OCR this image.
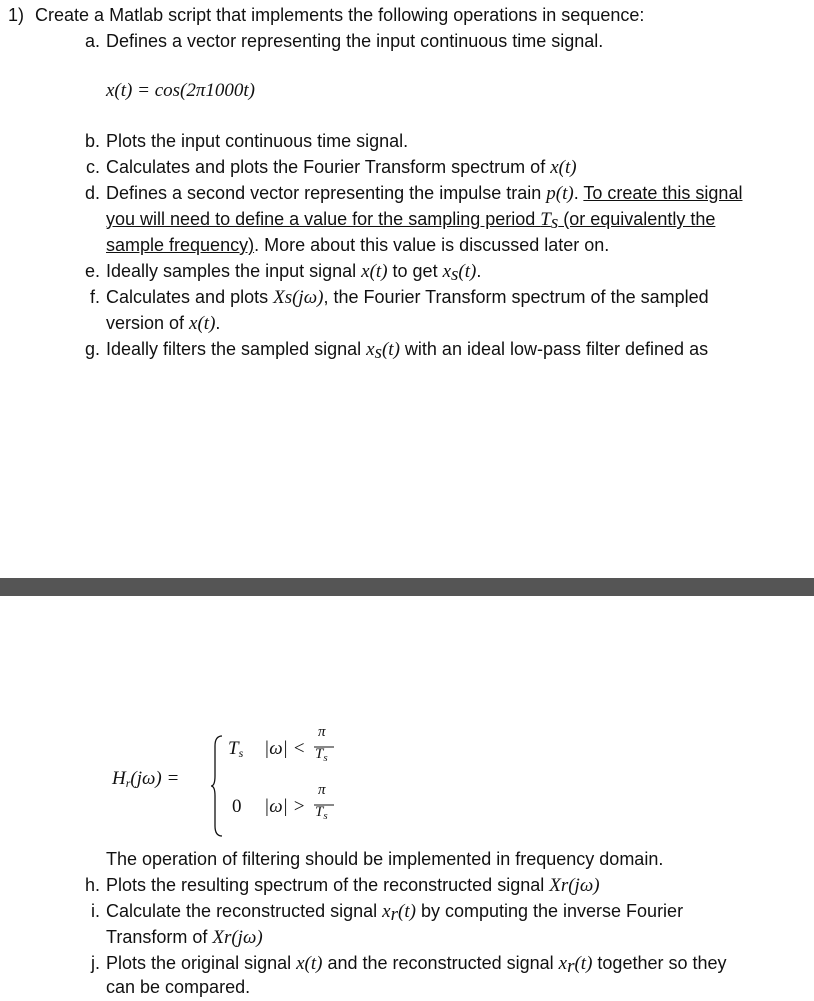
1) Create a Matlab script that implements the following operations in sequence:
a. Defines a vector representing the input continuous time signal.
x(t) = cos(2π1000t)
b. Plots the input continuous time signal.
c. Calculates and plots the Fourier Transform spectrum of x(t)
d. Defines a second vector representing the impulse train p(t). To create this signal
you will need to define a value for the sampling period $T_s$ (or equivalently the
sample frequency). More about this value is discussed later on.
e. Ideally samples the input signal x(t) to get $x_s(t)$.
f. Calculates and plots Xs(jω), the Fourier Transform spectrum of the sampled
version of x(t).
g. Ideally filters the sampled signal $x_s(t)$ with an ideal low-pass filter defined as
$H_r(j\omega)$ =
$T_s$ |ω| <
π
$T_s$
0 |ω| >
π
$T_s$
The operation of filtering should be implemented in frequency domain.
h. Plots the resulting spectrum of the reconstructed signal Xr(jω)
i. Calculate the reconstructed signal $x_r(t)$ by computing the inverse Fourier
Transform of Xr(jω)
j. Plots the original signal x(t) and the reconstructed signal $x_r(t)$ together so they
can be compared.
